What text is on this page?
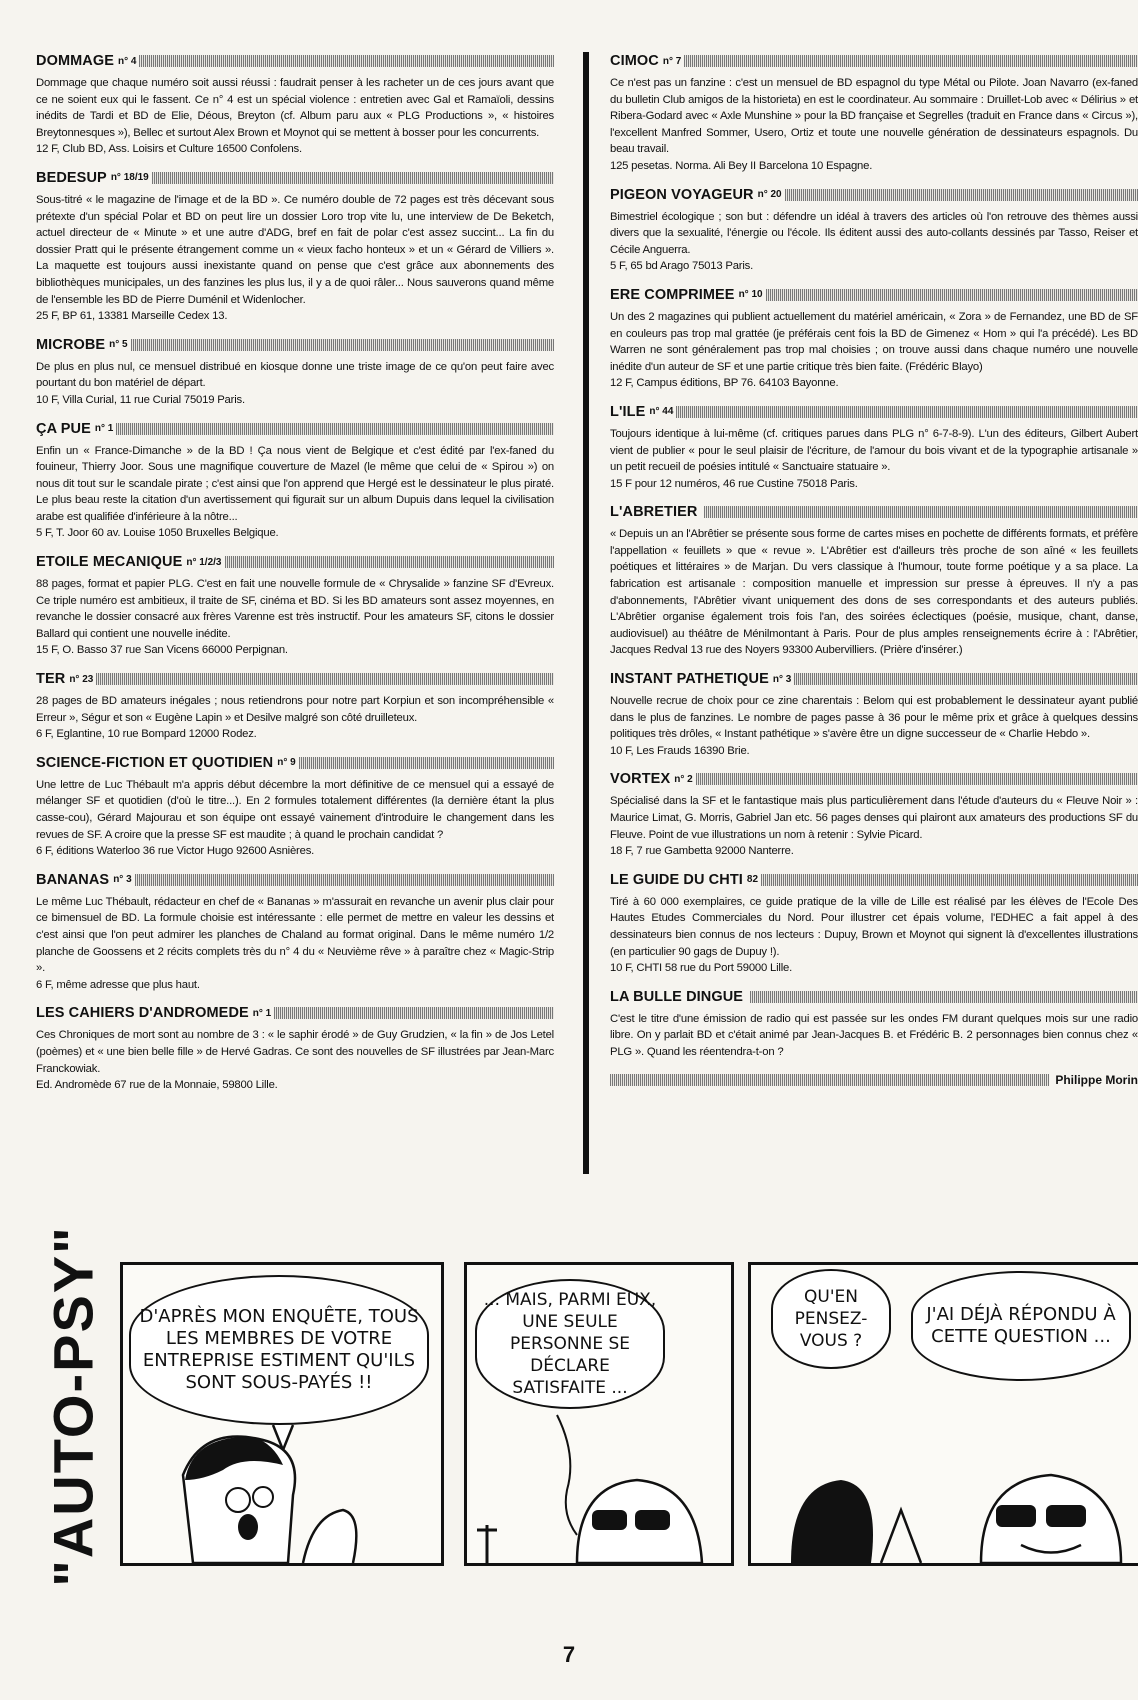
DOMMAGE n° 4
Dommage que chaque numéro soit aussi réussi : faudrait penser à les racheter un de ces jours avant que ce ne soient eux qui le fassent. Ce n° 4 est un spécial violence : entretien avec Gal et Ramaïoli, dessins inédits de Tardi et BD de Elie, Déous, Breyton (cf. Album paru aux « PLG Productions », « histoires Breytonnesques »), Bellec et surtout Alex Brown et Moynot qui se mettent à bosser pour les concurrents.
12 F, Club BD, Ass. Loisirs et Culture 16500 Confolens.
BEDESUP n° 18/19
Sous-titré « le magazine de l'image et de la BD ». Ce numéro double de 72 pages est très décevant sous prétexte d'un spécial Polar et BD on peut lire un dossier Loro trop vite lu, une interview de De Beketch, actuel directeur de « Minute » et une autre d'ADG, bref en fait de polar c'est assez succint... La fin du dossier Pratt qui le présente étrangement comme un « vieux facho honteux » et un « Gérard de Villiers ». La maquette est toujours aussi inexistante quand on pense que c'est grâce aux abonnements des bibliothèques municipales, un des fanzines les plus lus, il y a de quoi râler... Nous sauverons quand même de l'ensemble les BD de Pierre Duménil et Widenlocher.
25 F, BP 61, 13381 Marseille Cedex 13.
MICROBE n° 5
De plus en plus nul, ce mensuel distribué en kiosque donne une triste image de ce qu'on peut faire avec pourtant du bon matériel de départ.
10 F, Villa Curial, 11 rue Curial 75019 Paris.
ÇA PUE n° 1
Enfin un « France-Dimanche » de la BD ! Ça nous vient de Belgique et c'est édité par l'ex-faned du fouineur, Thierry Joor. Sous une magnifique couverture de Mazel (le même que celui de « Spirou ») on nous dit tout sur le scandale pirate ; c'est ainsi que l'on apprend que Hergé est le dessinateur le plus piraté. Le plus beau reste la citation d'un avertissement qui figurait sur un album Dupuis dans lequel la civilisation arabe est qualifiée d'inférieure à la nôtre...
5 F, T. Joor 60 av. Louise 1050 Bruxelles Belgique.
ETOILE MECANIQUE n° 1/2/3
88 pages, format et papier PLG. C'est en fait une nouvelle formule de « Chrysalide » fanzine SF d'Evreux. Ce triple numéro est ambitieux, il traite de SF, cinéma et BD. Si les BD amateurs sont assez moyennes, en revanche le dossier consacré aux frères Varenne est très instructif. Pour les amateurs SF, citons le dossier Ballard qui contient une nouvelle inédite.
15 F, O. Basso 37 rue San Vicens 66000 Perpignan.
TER n° 23
28 pages de BD amateurs inégales ; nous retiendrons pour notre part Korpiun et son incompréhensible « Erreur », Ségur et son « Eugène Lapin » et Desilve malgré son côté druilleteux.
6 F, Eglantine, 10 rue Bompard 12000 Rodez.
SCIENCE-FICTION ET QUOTIDIEN n° 9
Une lettre de Luc Thébault m'a appris début décembre la mort définitive de ce mensuel qui a essayé de mélanger SF et quotidien (d'où le titre...). En 2 formules totalement différentes (la dernière étant la plus casse-cou), Gérard Majourau et son équipe ont essayé vainement d'introduire le changement dans les revues de SF. A croire que la presse SF est maudite ; à quand le prochain candidat ?
6 F, éditions Waterloo 36 rue Victor Hugo 92600 Asnières.
BANANAS n° 3
Le même Luc Thébault, rédacteur en chef de « Bananas » m'assurait en revanche un avenir plus clair pour ce bimensuel de BD. La formule choisie est intéressante : elle permet de mettre en valeur les dessins et c'est ainsi que l'on peut admirer les planches de Chaland au format original. Dans le même numéro 1/2 planche de Goossens et 2 récits complets très du n° 4 du « Neuvième rêve » à paraître chez « Magic-Strip ».
6 F, même adresse que plus haut.
LES CAHIERS D'ANDROMEDE n° 1
Ces Chroniques de mort sont au nombre de 3 : « le saphir érodé » de Guy Grudzien, « la fin » de Jos Letel (poèmes) et « une bien belle fille » de Hervé Gadras. Ce sont des nouvelles de SF illustrées par Jean-Marc Franckowiak.
Ed. Andromède 67 rue de la Monnaie, 59800 Lille.
CIMOC n° 7
Ce n'est pas un fanzine : c'est un mensuel de BD espagnol du type Métal ou Pilote. Joan Navarro (ex-faned du bulletin Club amigos de la historieta) en est le coordinateur. Au sommaire : Druillet-Lob avec « Délirius » et Ribera-Godard avec « Axle Munshine » pour la BD française et Segrelles (traduit en France dans « Circus »), l'excellent Manfred Sommer, Usero, Ortiz et toute une nouvelle génération de dessinateurs espagnols. Du beau travail.
125 pesetas. Norma. Ali Bey II Barcelona 10 Espagne.
PIGEON VOYAGEUR n° 20
Bimestriel écologique ; son but : défendre un idéal à travers des articles où l'on retrouve des thèmes aussi divers que la sexualité, l'énergie ou l'école. Ils éditent aussi des auto-collants dessinés par Tasso, Reiser et Cécile Anguerra.
5 F, 65 bd Arago 75013 Paris.
ERE COMPRIMEE n° 10
Un des 2 magazines qui publient actuellement du matériel américain, « Zora » de Fernandez, une BD de SF en couleurs pas trop mal grattée (je préférais cent fois la BD de Gimenez « Hom » qui l'a précédé). Les BD Warren ne sont généralement pas trop mal choisies ; on trouve aussi dans chaque numéro une nouvelle inédite d'un auteur de SF et une partie critique très bien faite. (Frédéric Blayo)
12 F, Campus éditions, BP 76. 64103 Bayonne.
L'ILE n° 44
Toujours identique à lui-même (cf. critiques parues dans PLG n° 6-7-8-9). L'un des éditeurs, Gilbert Aubert vient de publier « pour le seul plaisir de l'écriture, de l'amour du bois vivant et de la typographie artisanale » un petit recueil de poésies intitulé « Sanctuaire statuaire ».
15 F pour 12 numéros, 46 rue Custine 75018 Paris.
L'ABRETIER
« Depuis un an l'Abrêtier se présente sous forme de cartes mises en pochette de différents formats, et préfère l'appellation « feuillets » que « revue ». L'Abrêtier est d'ailleurs très proche de son aîné « les feuillets poétiques et littéraires » de Marjan. Du vers classique à l'humour, toute forme poétique y a sa place. La fabrication est artisanale : composition manuelle et impression sur presse à épreuves. Il n'y a pas d'abonnements, l'Abrêtier vivant uniquement des dons de ses correspondants et des auteurs publiés. L'Abrêtier organise également trois fois l'an, des soirées éclectiques (poésie, musique, chant, danse, audiovisuel) au théâtre de Ménilmontant à Paris. Pour de plus amples renseignements écrire à : l'Abrêtier, Jacques Redval 13 rue des Noyers 93300 Aubervilliers. (Prière d'insérer.)
INSTANT PATHETIQUE n° 3
Nouvelle recrue de choix pour ce zine charentais : Belom qui est probablement le dessinateur ayant publié dans le plus de fanzines. Le nombre de pages passe à 36 pour le même prix et grâce à quelques dessins politiques très drôles, « Instant pathétique » s'avère être un digne successeur de « Charlie Hebdo ».
10 F, Les Frauds 16390 Brie.
VORTEX n° 2
Spécialisé dans la SF et le fantastique mais plus particulièrement dans l'étude d'auteurs du « Fleuve Noir » : Maurice Limat, G. Morris, Gabriel Jan etc. 56 pages denses qui plairont aux amateurs des productions SF du Fleuve. Point de vue illustrations un nom à retenir : Sylvie Picard.
18 F, 7 rue Gambetta 92000 Nanterre.
LE GUIDE DU CHTI 82
Tiré à 60 000 exemplaires, ce guide pratique de la ville de Lille est réalisé par les élèves de l'Ecole Des Hautes Etudes Commerciales du Nord. Pour illustrer cet épais volume, l'EDHEC a fait appel à des dessinateurs bien connus de nos lecteurs : Dupuy, Brown et Moynot qui signent là d'excellentes illustrations (en particulier 90 gags de Dupuy !).
10 F, CHTI 58 rue du Port 59000 Lille.
LA BULLE DINGUE
C'est le titre d'une émission de radio qui est passée sur les ondes FM durant quelques mois sur une radio libre. On y parlait BD et c'était animé par Jean-Jacques B. et Frédéric B. 2 personnages bien connus chez « PLG ». Quand les réentendra-t-on ?
Philippe Morin
"AUTO-PSY"	D'APRÈS MON ENQUÊTE, TOUS LES MEMBRES DE VOTRE ENTREPRISE ESTIMENT QU'ILS SONT SOUS-PAYÉS !!
... MAIS, PARMI EUX, UNE SEULE PERSONNE SE DÉCLARE SATISFAITE ...
QU'EN PENSEZ-VOUS ?
J'AI DÉJÀ RÉPONDU À CETTE QUESTION ...
7
